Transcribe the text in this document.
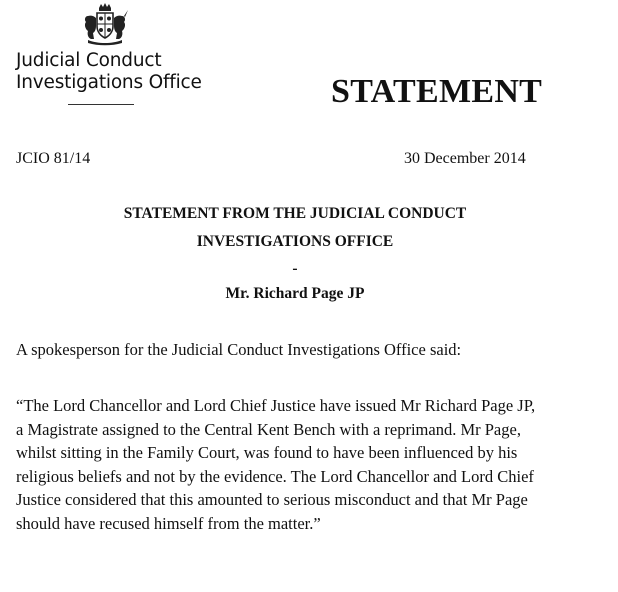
Judicial Conduct
Investigations Office	STATEMENT
JCIO 81/14	30 December 2014
STATEMENT FROM THE JUDICIAL CONDUCT
INVESTIGATIONS OFFICE
-
Mr. Richard Page JP
A spokesperson for the Judicial Conduct Investigations Office said:
“The Lord Chancellor and Lord Chief Justice have issued Mr Richard Page JP,
a Magistrate assigned to the Central Kent Bench with a reprimand. Mr Page,
whilst sitting in the Family Court, was found to have been influenced by his
religious beliefs and not by the evidence. The Lord Chancellor and Lord Chief
Justice considered that this amounted to serious misconduct and that Mr Page
should have recused himself from the matter.”
